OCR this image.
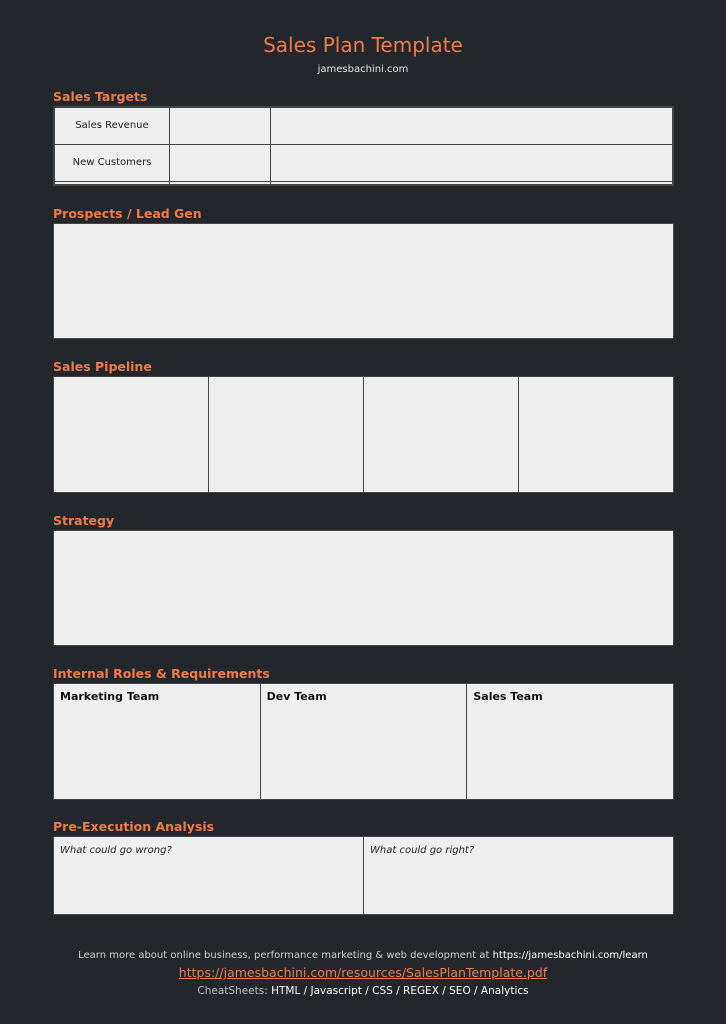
Sales Plan Template
jamesbachini.com
Sales Targets
Sales Revenue		
New Customers		

Prospects / Lead Gen
Sales Pipeline
Strategy
Internal Roles & Requirements
Marketing Team	Dev Team	Sales Team
Pre-Execution Analysis
What could go wrong?	What could go right?
Learn more about online business, performance marketing & web development at https://jamesbachini.com/learn
https://jamesbachini.com/resources/SalesPlanTemplate.pdf
CheatSheets: HTML / Javascript / CSS / REGEX / SEO / Analytics
